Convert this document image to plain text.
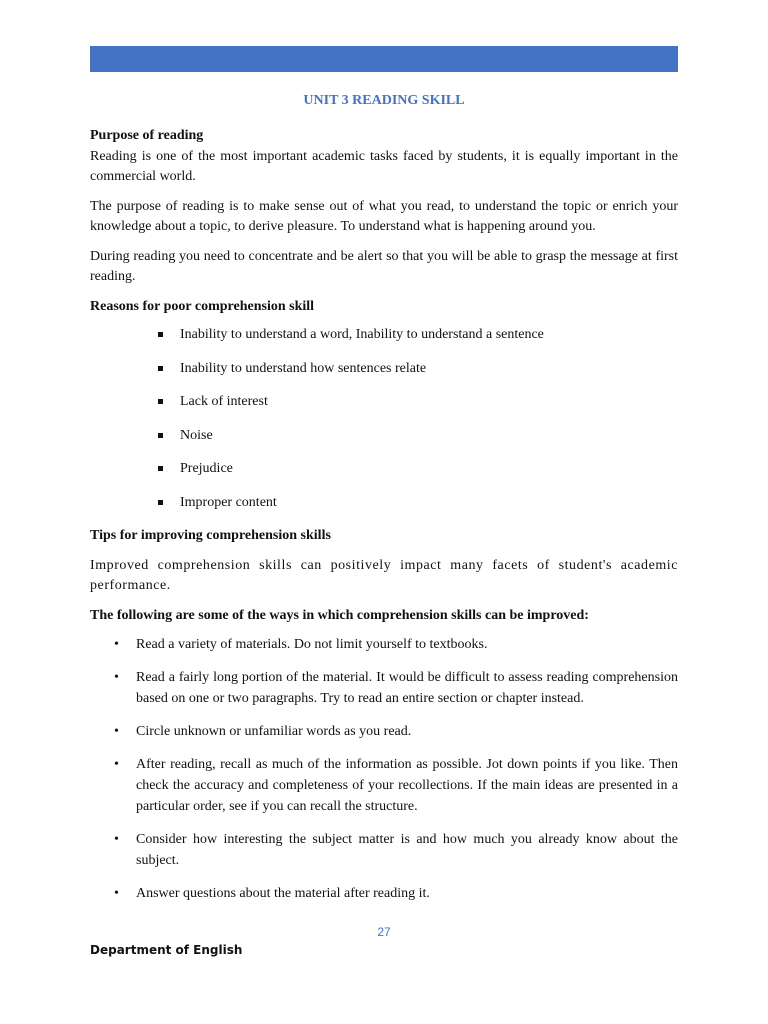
UNIT 3 READING SKILL
Purpose of reading

Reading is one of the most important academic tasks faced by students, it is equally important in the commercial world.

The purpose of reading is to make sense out of what you read, to understand the topic or enrich your knowledge about a topic, to derive pleasure. To understand what is happening around you.

During reading you need to concentrate and be alert so that you will be able to grasp the message at first reading.

Reasons for poor comprehension skill
Inability to understand a word, Inability to understand a sentence
Inability to understand how sentences relate
Lack of interest
Noise
Prejudice
Improper content
Tips for improving comprehension skills

Improved comprehension skills can positively impact many facets of student's academic performance.

The following are some of the ways in which comprehension skills can be improved:
• Read a variety of materials. Do not limit yourself to textbooks.
• Read a fairly long portion of the material. It would be difficult to assess reading comprehension based on one or two paragraphs. Try to read an entire section or chapter instead.
• Circle unknown or unfamiliar words as you read.
• After reading, recall as much of the information as possible. Jot down points if you like. Then check the accuracy and completeness of your recollections. If the main ideas are presented in a particular order, see if you can recall the structure.
• Consider how interesting the subject matter is and how much you already know about the subject.
• Answer questions about the material after reading it.
27
Department of English
